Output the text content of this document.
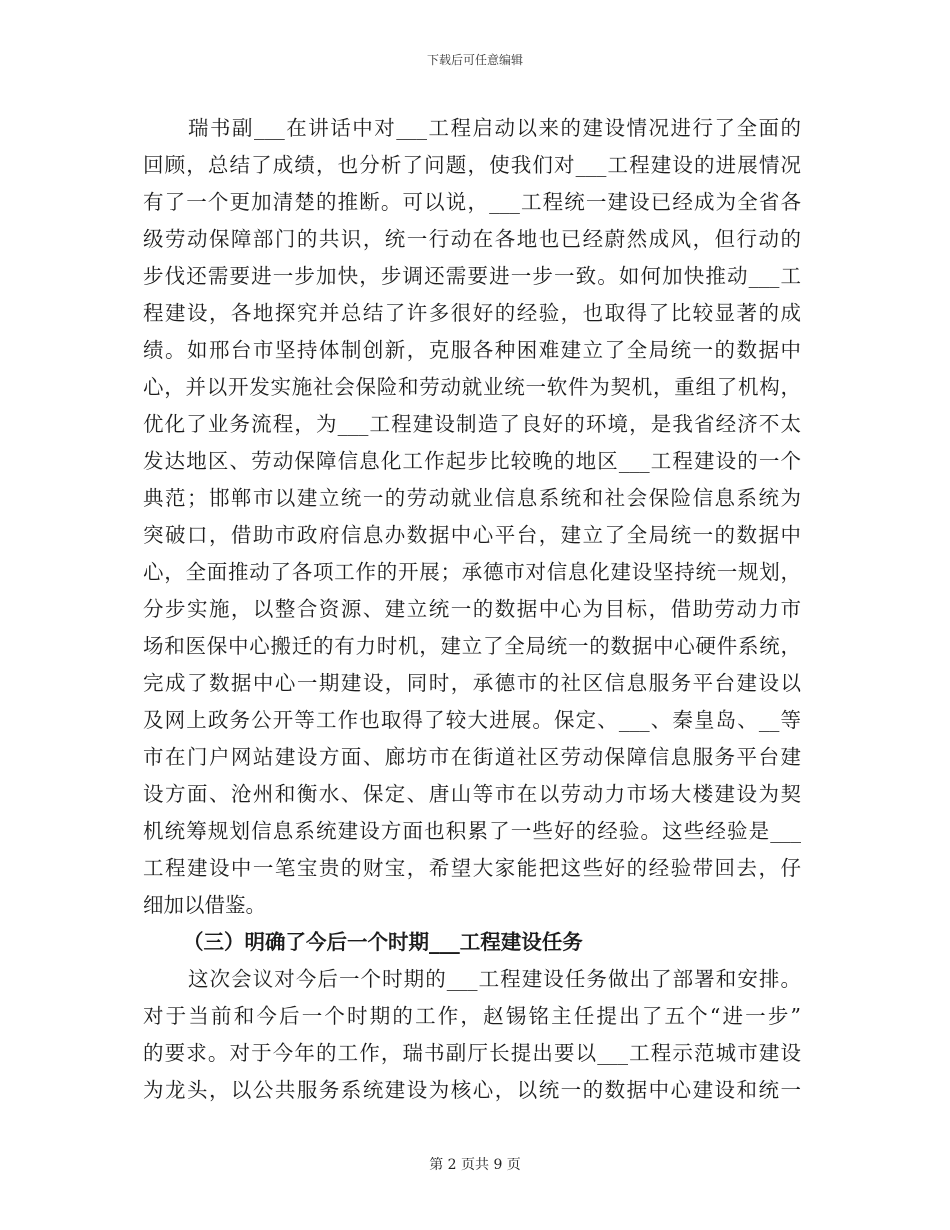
下载后可任意编辑
瑞书副___在讲话中对___工程启动以来的建设情况进行了全面的
回顾，总结了成绩，也分析了问题，使我们对___工程建设的进展情况
有了一个更加清楚的推断。可以说，___工程统一建设已经成为全省各
级劳动保障部门的共识，统一行动在各地也已经蔚然成风，但行动的
步伐还需要进一步加快，步调还需要进一步一致。如何加快推动___工
程建设，各地探究并总结了许多很好的经验，也取得了比较显著的成
绩。如邢台市坚持体制创新，克服各种困难建立了全局统一的数据中
心，并以开发实施社会保险和劳动就业统一软件为契机，重组了机构，
优化了业务流程，为___工程建设制造了良好的环境，是我省经济不太
发达地区、劳动保障信息化工作起步比较晚的地区___工程建设的一个
典范；邯郸市以建立统一的劳动就业信息系统和社会保险信息系统为
突破口，借助市政府信息办数据中心平台，建立了全局统一的数据中
心，全面推动了各项工作的开展；承德市对信息化建设坚持统一规划，
分步实施，以整合资源、建立统一的数据中心为目标，借助劳动力市
场和医保中心搬迁的有力时机，建立了全局统一的数据中心硬件系统，
完成了数据中心一期建设，同时，承德市的社区信息服务平台建设以
及网上政务公开等工作也取得了较大进展。保定、___、秦皇岛、__等
市在门户网站建设方面、廊坊市在街道社区劳动保障信息服务平台建
设方面、沧州和衡水、保定、唐山等市在以劳动力市场大楼建设为契
机统筹规划信息系统建设方面也积累了一些好的经验。这些经验是___
工程建设中一笔宝贵的财宝，希望大家能把这些好的经验带回去，仔
细加以借鉴。
（三）明确了今后一个时期___工程建设任务
这次会议对今后一个时期的___工程建设任务做出了部署和安排。
对于当前和今后一个时期的工作，赵锡铭主任提出了五个“进一步”
的要求。对于今年的工作，瑞书副厅长提出要以___工程示范城市建设
为龙头，以公共服务系统建设为核心，以统一的数据中心建设和统一
第 2 页共 9 页
